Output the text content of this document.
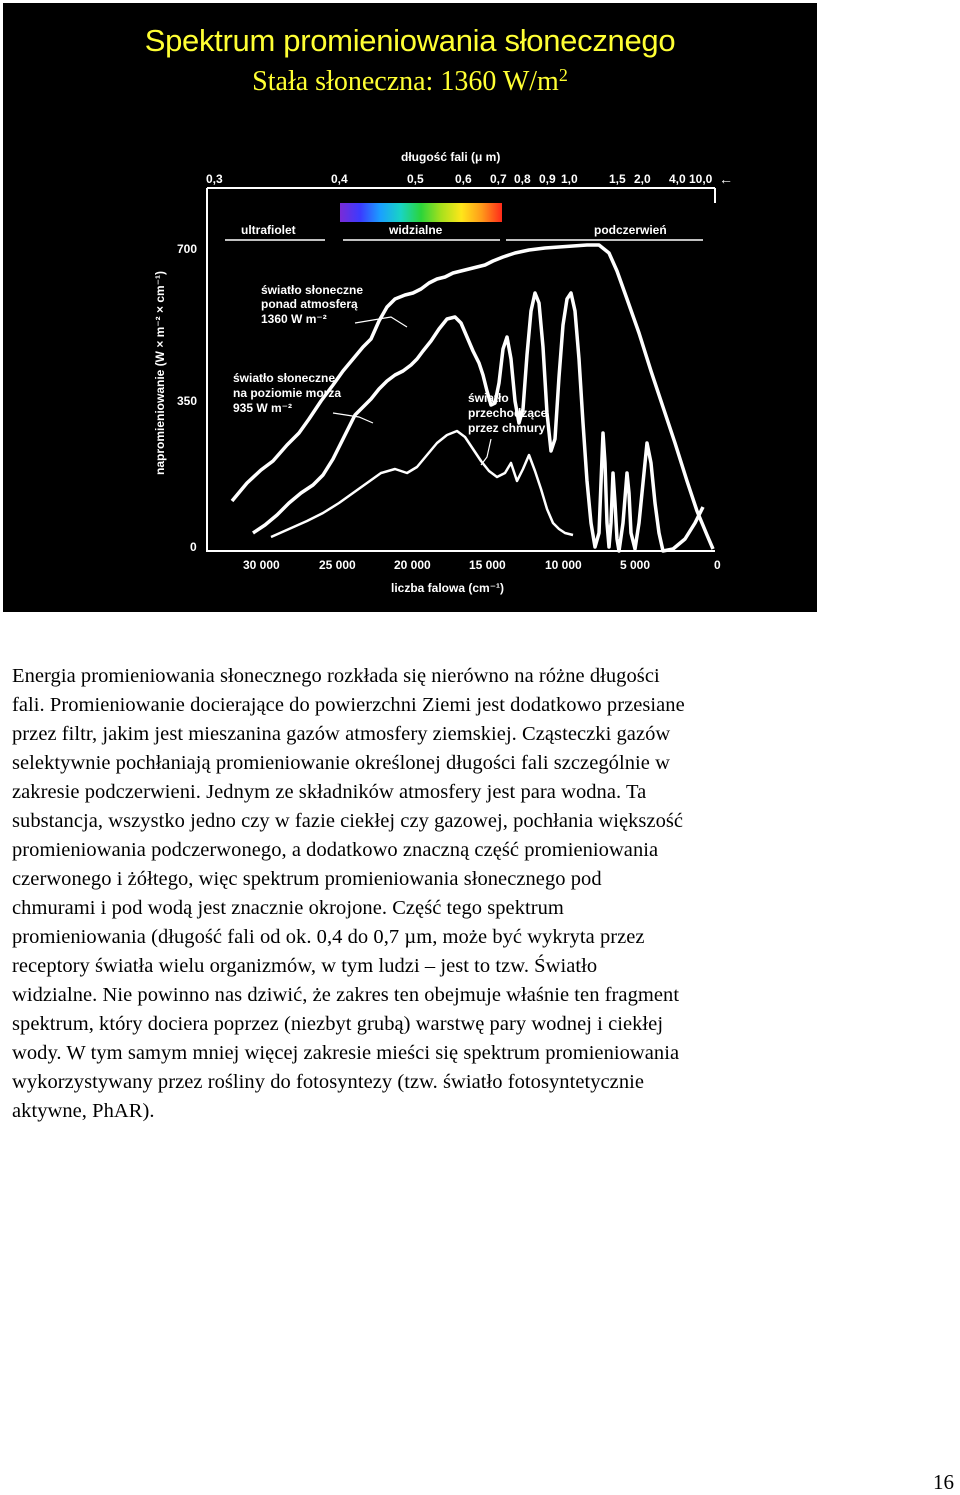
Spektrum promieniowania słonecznego
Stała słoneczna: 1360 $W/m^2$
długość fali (μ m)
0,3	0,4	0,5	0,6 0,7 0,8 0,9 1,0	1,5 2,0 4,0 10,0 ←
ultrafiolet	widzialne	podczerwień
napromieniowanie (W × m⁻² × cm⁻¹)
700
350
0
30 000	25 000	20 000	15 000	10 000	5 000	0
liczba falowa (cm⁻¹)
światło słoneczne
ponad atmosferą
1360 W m⁻²
światło słoneczne
na poziomie morza
935 W m⁻²
światło
przechodzące
przez chmury
Energia promieniowania słonecznego rozkłada się nierówno na różne długości
fali. Promieniowanie docierające do powierzchni Ziemi jest dodatkowo przesiane
przez filtr, jakim jest mieszanina gazów atmosfery ziemskiej. Cząsteczki gazów
selektywnie pochłaniają promieniowanie określonej długości fali szczególnie w
zakresie podczerwieni. Jednym ze składników atmosfery jest para wodna. Ta
substancja, wszystko jedno czy w fazie ciekłej czy gazowej, pochłania większość
promieniowania podczerwonego, a dodatkowo znaczną część promieniowania
czerwonego i żółtego, więc spektrum promieniowania słonecznego pod
chmurami i pod wodą jest znacznie okrojone. Część tego spektrum
promieniowania (długość fali od ok. 0,4 do 0,7 µm, może być wykryta przez
receptory światła wielu organizmów, w tym ludzi – jest to tzw. Światło
widzialne. Nie powinno nas dziwić, że zakres ten obejmuje właśnie ten fragment
spektrum, który dociera poprzez (niezbyt grubą) warstwę pary wodnej i ciekłej
wody. W tym samym mniej więcej zakresie mieści się spektrum promieniowania
wykorzystywany przez rośliny do fotosyntezy (tzw. światło fotosyntetycznie
aktywne, PhAR).
16
